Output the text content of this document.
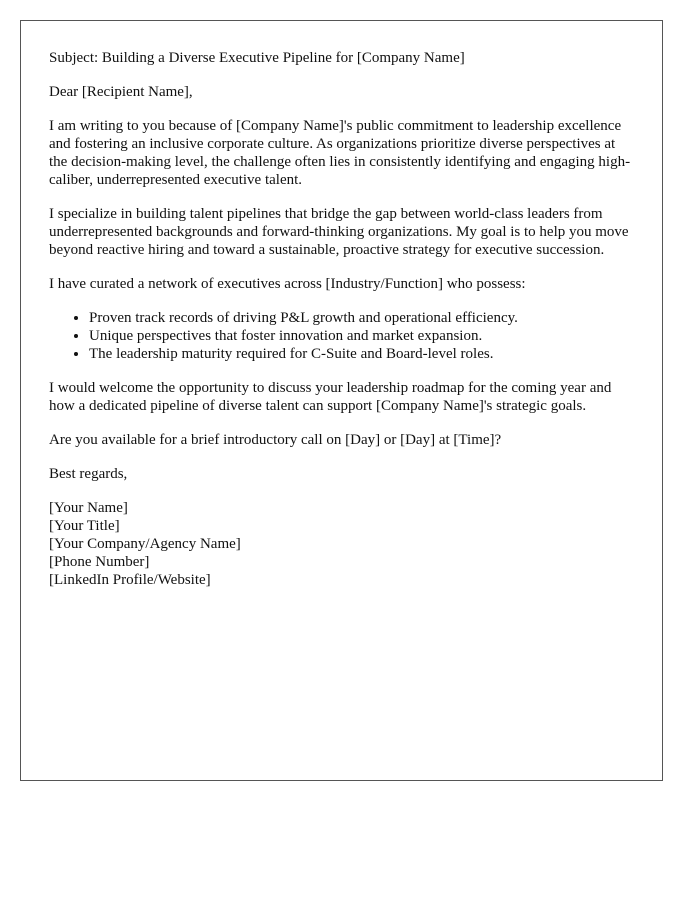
Subject: Building a Diverse Executive Pipeline for [Company Name]

Dear [Recipient Name],

I am writing to you because of [Company Name]'s public commitment to leadership excellence and fostering an inclusive corporate culture. As organizations prioritize diverse perspectives at the decision-making level, the challenge often lies in consistently identifying and engaging high-caliber, underrepresented executive talent.

I specialize in building talent pipelines that bridge the gap between world-class leaders from underrepresented backgrounds and forward-thinking organizations. My goal is to help you move beyond reactive hiring and toward a sustainable, proactive strategy for executive succession.

I have curated a network of executives across [Industry/Function] who possess:

• Proven track records of driving P&L growth and operational efficiency.
• Unique perspectives that foster innovation and market expansion.
• The leadership maturity required for C-Suite and Board-level roles.

I would welcome the opportunity to discuss your leadership roadmap for the coming year and how a dedicated pipeline of diverse talent can support [Company Name]'s strategic goals.

Are you available for a brief introductory call on [Day] or [Day] at [Time]?

Best regards,

[Your Name]
[Your Title]
[Your Company/Agency Name]
[Phone Number]
[LinkedIn Profile/Website]
